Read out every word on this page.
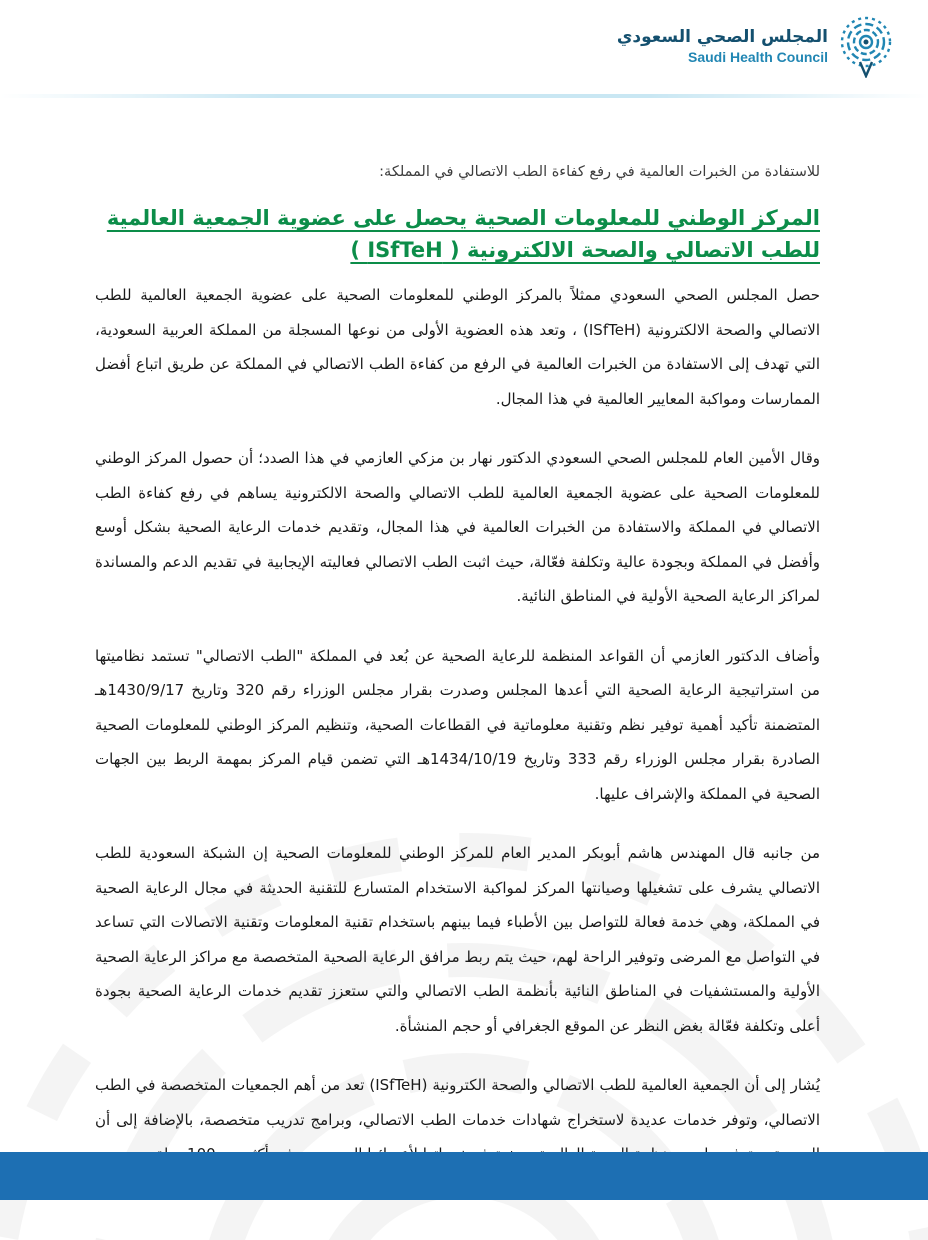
المجلس الصحي السعودي
Saudi Health Council

للاستفادة من الخبرات العالمية في رفع كفاءة الطب الاتصالي في المملكة:

المركز الوطني للمعلومات الصحية يحصل على عضوية الجمعية العالمية للطب الاتصالي والصحة الالكترونية ( ISfTeH )

حصل المجلس الصحي السعودي ممثلاً بالمركز الوطني للمعلومات الصحية على عضوية الجمعية العالمية للطب الاتصالي والصحة الالكترونية (ISfTeH) ، وتعد هذه العضوية الأولى من نوعها المسجلة من المملكة العربية السعودية، التي تهدف إلى الاستفادة من الخبرات العالمية في الرفع من كفاءة الطب الاتصالي في المملكة عن طريق اتباع أفضل الممارسات ومواكبة المعايير العالمية في هذا المجال.

وقال الأمين العام للمجلس الصحي السعودي الدكتور نهار بن مزكي العازمي في هذا الصدد؛ أن حصول المركز الوطني للمعلومات الصحية على عضوية الجمعية العالمية للطب الاتصالي والصحة الالكترونية يساهم في رفع كفاءة الطب الاتصالي في المملكة والاستفادة من الخبرات العالمية في هذا المجال، وتقديم خدمات الرعاية الصحية بشكل أوسع وأفضل في المملكة وبجودة عالية وتكلفة فعّالة، حيث اثبت الطب الاتصالي فعاليته الإيجابية في تقديم الدعم والمساندة لمراكز الرعاية الصحية الأولية في المناطق النائية.

وأضاف الدكتور العازمي أن القواعد المنظمة للرعاية الصحية عن بُعد في المملكة "الطب الاتصالي" تستمد نظاميتها من استراتيجية الرعاية الصحية التي أعدها المجلس وصدرت بقرار مجلس الوزراء رقم 320 وتاريخ 1430/9/17هـ المتضمنة تأكيد أهمية توفير نظم وتقنية معلوماتية في القطاعات الصحية، وتنظيم المركز الوطني للمعلومات الصحية الصادرة بقرار مجلس الوزراء رقم 333 وتاريخ 1434/10/19هـ التي تضمن قيام المركز بمهمة الربط بين الجهات الصحية في المملكة والإشراف عليها.

من جانبه قال المهندس هاشم أبوبكر المدير العام للمركز الوطني للمعلومات الصحية إن الشبكة السعودية للطب الاتصالي يشرف على تشغيلها وصيانتها المركز لمواكبة الاستخدام المتسارع للتقنية الحديثة في مجال الرعاية الصحية في المملكة، وهي خدمة فعالة للتواصل بين الأطباء فيما بينهم باستخدام تقنية المعلومات وتقنية الاتصالات التي تساعد في التواصل مع المرضى وتوفير الراحة لهم، حيث يتم ربط مرافق الرعاية الصحية المتخصصة مع مراكز الرعاية الصحية الأولية والمستشفيات في المناطق النائية بأنظمة الطب الاتصالي والتي ستعزز تقديم خدمات الرعاية الصحية بجودة أعلى وتكلفة فعّالة بغض النظر عن الموقع الجغرافي أو حجم المنشأة.

يُشار إلى أن الجمعية العالمية للطب الاتصالي والصحة الكترونية (ISfTeH) تعد من أهم الجمعيات المتخصصة في الطب الاتصالي، وتوفر خدمات عديدة لاستخراج شهادات خدمات الطب الاتصالي، وبرامج تدريب متخصصة، بالإضافة إلى أن
